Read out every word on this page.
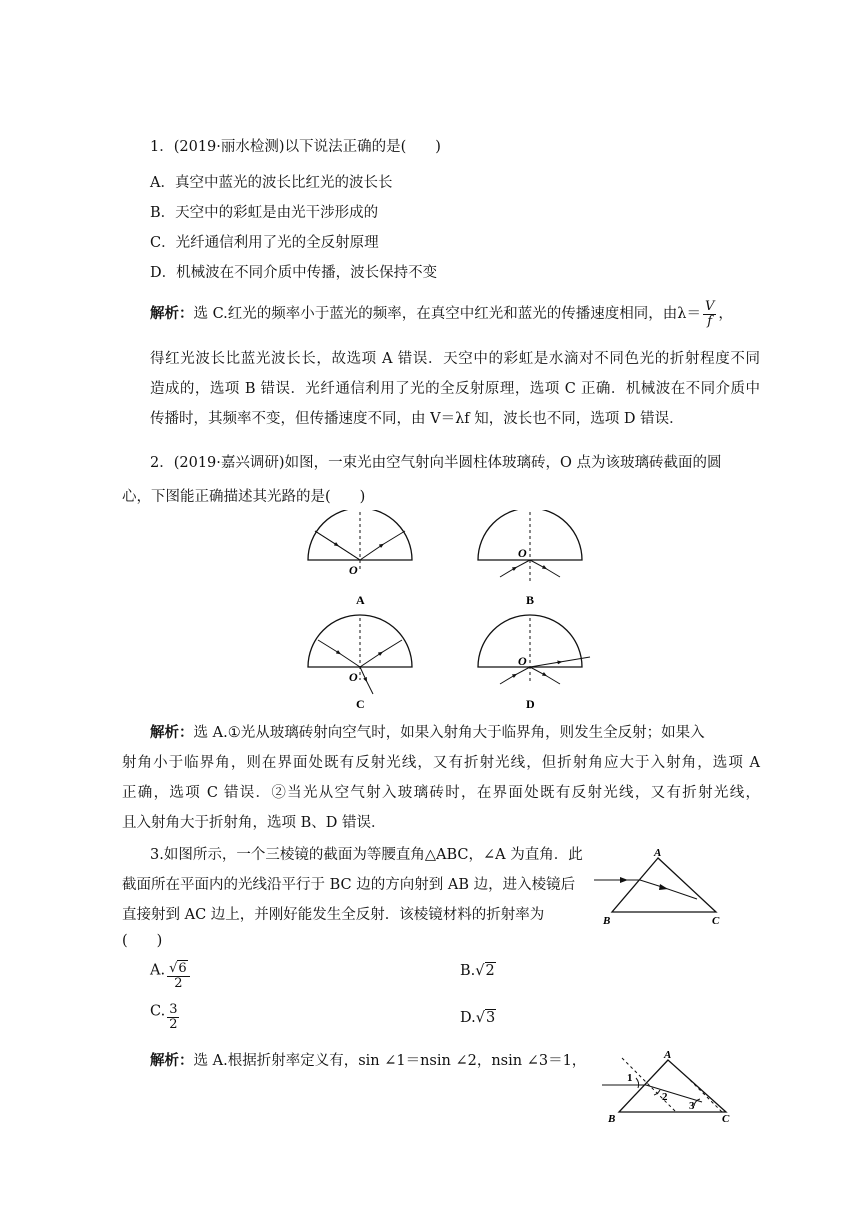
1．(2019·丽水检测)以下说法正确的是(　　)
A．真空中蓝光的波长比红光的波长长
B．天空中的彩虹是由光干涉形成的
C．光纤通信利用了光的全反射原理
D．机械波在不同介质中传播，波长保持不变
解析：选 C.红光的频率小于蓝光的频率，在真空中红光和蓝光的传播速度相同，由$\lambda= \frac{V}{f}$ ，
得红光波长比蓝光波长长，故选项 A 错误．天空中的彩虹是水滴对不同色光的折射程度不同
造成的，选项 B 错误．光纤通信利用了光的全反射原理，选项 C 正确．机械波在不同介质中
传播时，其频率不变，但传播速度不同，由 V＝λf 知，波长也不同，选项 D 错误．
2．(2019·嘉兴调研)如图，一束光由空气射向半圆柱体玻璃砖，O 点为该玻璃砖截面的圆
心，下图能正确描述其光路的是(　　)
O
A
O
B
O
C
O
D
解析：选 A.①光从玻璃砖射向空气时，如果入射角大于临界角，则发生全反射；如果入
射角小于临界角，则在界面处既有反射光线，又有折射光线，但折射角应大于入射角，选项 A
正确，选项 C 错误．②当光从空气射入玻璃砖时，在界面处既有反射光线，又有折射光线，
且入射角大于折射角，选项 B、D 错误．
3.如图所示，一个三棱镜的截面为等腰直角△ABC，∠A 为直角．此
截面所在平面内的光线沿平行于 BC 边的方向射到 AB 边，进入棱镜后
直接射到 AC 边上，并刚好能发生全反射．该棱镜材料的折射率为
(　　)
A
B	C
A. $\frac{√6}{2}$	B.√2
C. $\frac{3}{2}$	D.√3
解析：选 A.根据折射率定义有，sin ∠1＝nsin ∠2，nsin ∠3＝1，
1
2
3
A
B	C
